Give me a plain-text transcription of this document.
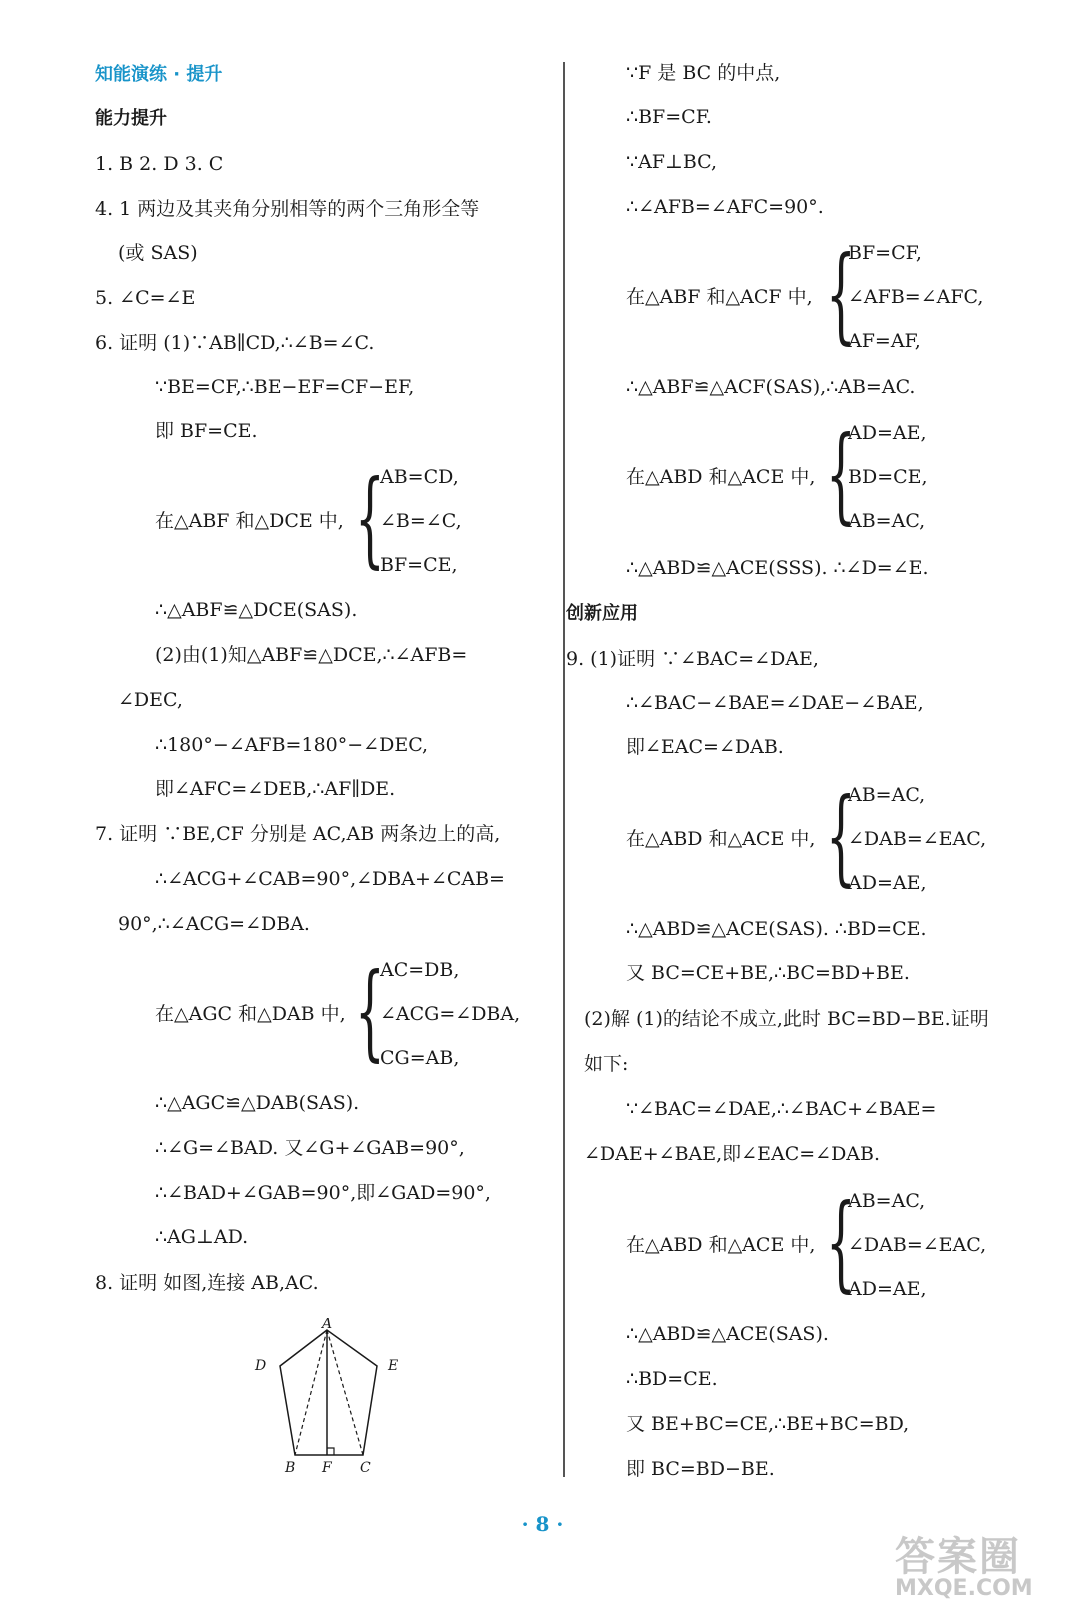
知能演练 · 提升
能力提升
1. B 2. D 3. C
4. 1 两边及其夹角分别相等的两个三角形全等
(或 SAS)
5. ∠C=∠E
6. 证明 (1)∵AB∥CD,∴∠B=∠C.
∵BE=CF,∴BE−EF=CF−EF,
即 BF=CE.
在△ABF 和△DCE 中, {
AB=CD,
∠B=∠C,
BF=CE,
∴△ABF≌△DCE(SAS).
(2)由(1)知△ABF≌△DCE,∴∠AFB=
∠DEC,
∴180°−∠AFB=180°−∠DEC,
即∠AFC=∠DEB,∴AF∥DE.
7. 证明 ∵BE,CF 分别是 AC,AB 两条边上的高,
∴∠ACG+∠CAB=90°,∠DBA+∠CAB=
90°,∴∠ACG=∠DBA.
在△AGC 和△DAB 中, {
AC=DB,
∠ACG=∠DBA,
CG=AB,
∴△AGC≌△DAB(SAS).
∴∠G=∠BAD. 又∠G+∠GAB=90°,
∴∠BAD+∠GAB=90°,即∠GAD=90°,
∴AG⊥AD.
8. 证明 如图,连接 AB,AC.
A
D	E
B F C
∵F 是 BC 的中点,
∴BF=CF.
∵AF⊥BC,
∴∠AFB=∠AFC=90°.
在△ABF 和△ACF 中, {
BF=CF,
∠AFB=∠AFC,
AF=AF,
∴△ABF≌△ACF(SAS),∴AB=AC.
在△ABD 和△ACE 中, {
AD=AE,
BD=CE,
AB=AC,
∴△ABD≌△ACE(SSS). ∴∠D=∠E.
创新应用
9. (1)证明 ∵∠BAC=∠DAE,
∴∠BAC−∠BAE=∠DAE−∠BAE,
即∠EAC=∠DAB.
在△ABD 和△ACE 中, {
AB=AC,
∠DAB=∠EAC,
AD=AE,
∴△ABD≌△ACE(SAS). ∴BD=CE.
又 BC=CE+BE,∴BC=BD+BE.
(2)解 (1)的结论不成立,此时 BC=BD−BE.证明
如下:
∵∠BAC=∠DAE,∴∠BAC+∠BAE=
∠DAE+∠BAE,即∠EAC=∠DAB.
在△ABD 和△ACE 中, {
AB=AC,
∠DAB=∠EAC,
AD=AE,
∴△ABD≌△ACE(SAS).
∴BD=CE.
又 BE+BC=CE,∴BE+BC=BD,
即 BC=BD−BE.
· 8 ·
答案圈
MXQE.COM
